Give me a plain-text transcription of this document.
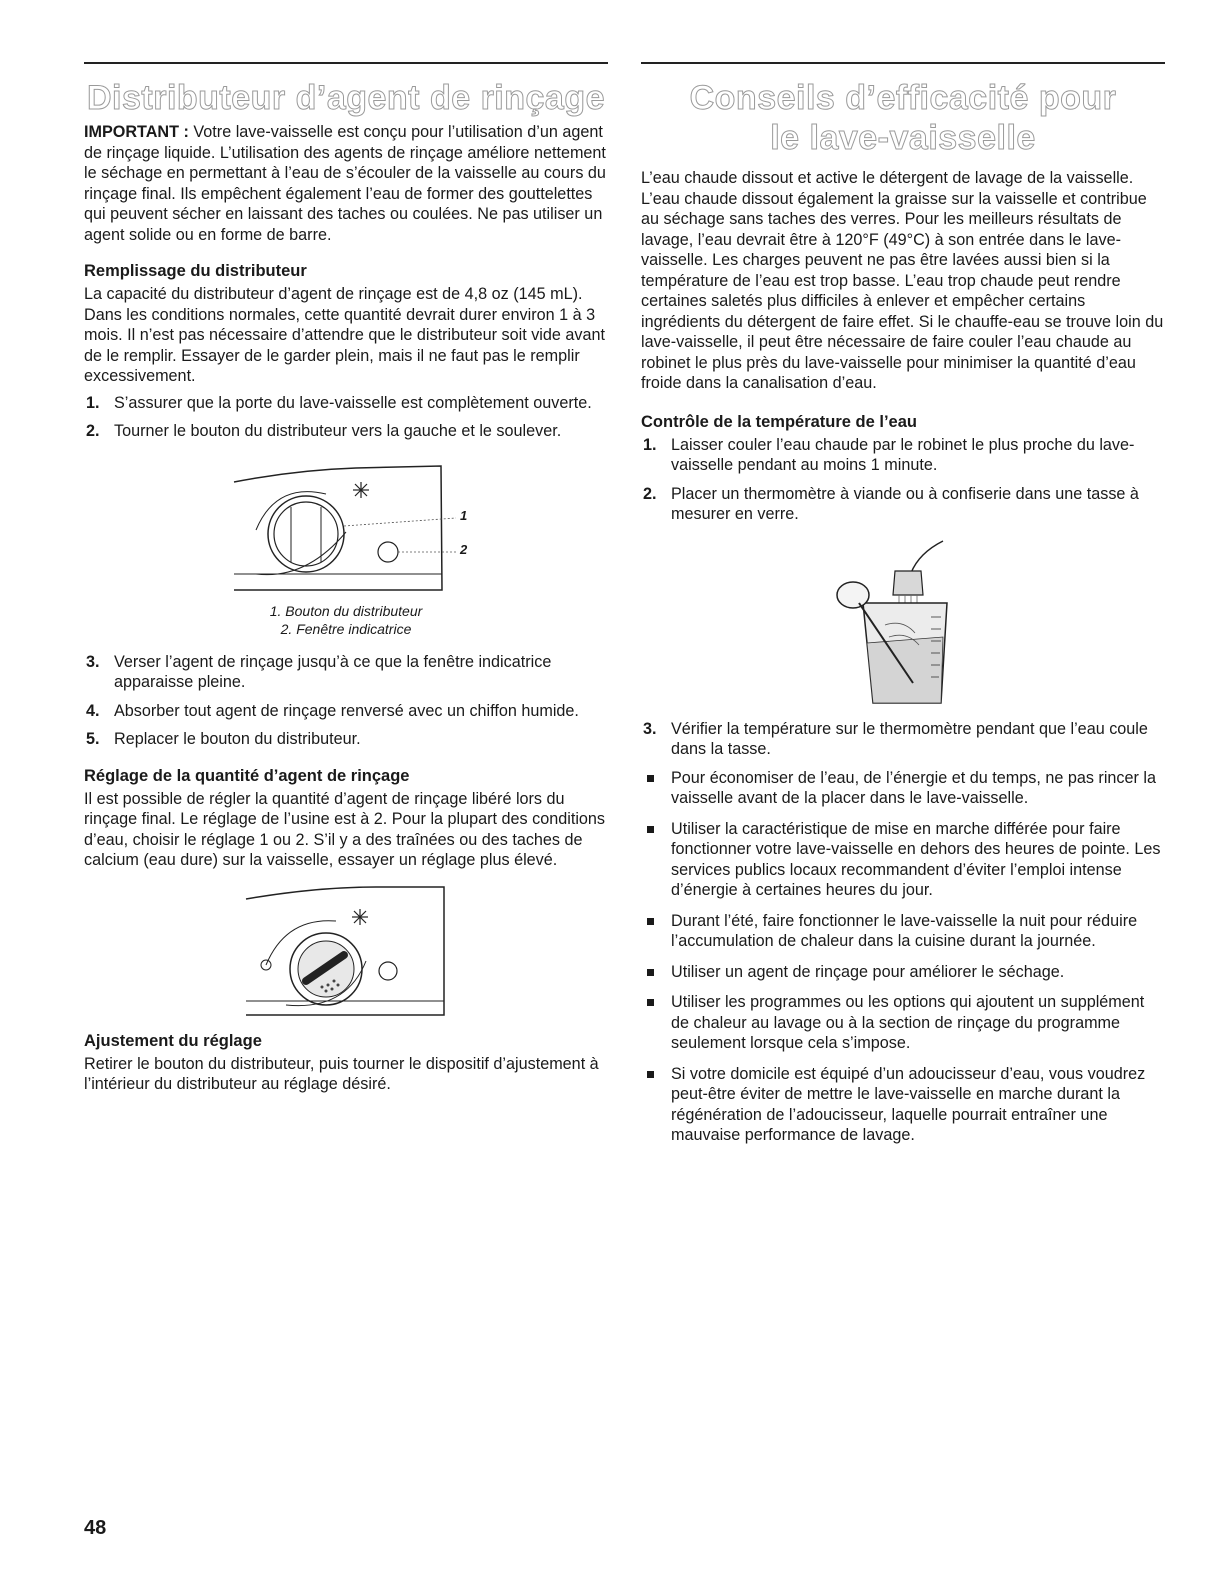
Distributeur d’agent de rinçage

IMPORTANT : Votre lave-vaisselle est conçu pour l’utilisation d’un agent de rinçage liquide. L’utilisation des agents de rinçage améliore nettement le séchage en permettant à l’eau de s’écouler de la vaisselle au cours du rinçage final. Ils empêchent également l’eau de former des gouttelettes qui peuvent sécher en laissant des taches ou coulées. Ne pas utiliser un agent solide ou en forme de barre.

Remplissage du distributeur

La capacité du distributeur d’agent de rinçage est de 4,8 oz (145 mL). Dans les conditions normales, cette quantité devrait durer environ 1 à 3 mois. Il n’est pas nécessaire d’attendre que le distributeur soit vide avant de le remplir. Essayer de le garder plein, mais il ne faut pas le remplir excessivement.

1. S’assurer que la porte du lave-vaisselle est complètement ouverte.
2. Tourner le bouton du distributeur vers la gauche et le soulever.
1
2
1. Bouton du distributeur
2. Fenêtre indicatrice
3. Verser l’agent de rinçage jusqu’à ce que la fenêtre indicatrice apparaisse pleine.
4. Absorber tout agent de rinçage renversé avec un chiffon humide.
5. Replacer le bouton du distributeur.
Réglage de la quantité d’agent de rinçage

Il est possible de régler la quantité d’agent de rinçage libéré lors du rinçage final. Le réglage de l’usine est à 2. Pour la plupart des conditions d’eau, choisir le réglage 1 ou 2. S’il y a des traînées ou des taches de calcium (eau dure) sur la vaisselle, essayer un réglage plus élevé.

Ajustement du réglage

Retirer le bouton du distributeur, puis tourner le dispositif d’ajustement à l’intérieur du distributeur au réglage désiré.

Conseils d’efficacité pour
le lave-vaisselle

L’eau chaude dissout et active le détergent de lavage de la vaisselle. L’eau chaude dissout également la graisse sur la vaisselle et contribue au séchage sans taches des verres. Pour les meilleurs résultats de lavage, l’eau devrait être à 120°F (49°C) à son entrée dans le lave-vaisselle. Les charges peuvent ne pas être lavées aussi bien si la température de l’eau est trop basse. L’eau trop chaude peut rendre certaines saletés plus difficiles à enlever et empêcher certains ingrédients du détergent de faire effet. Si le chauffe-eau se trouve loin du lave-vaisselle, il peut être nécessaire de faire couler l’eau chaude au robinet le plus près du lave-vaisselle pour minimiser la quantité d’eau froide dans la canalisation d’eau.

Contrôle de la température de l’eau
1. Laisser couler l’eau chaude par le robinet le plus proche du lave-vaisselle pendant au moins 1 minute.
2. Placer un thermomètre à viande ou à confiserie dans une tasse à mesurer en verre.
3. Vérifier la température sur le thermomètre pendant que l’eau coule dans la tasse.
Pour économiser de l’eau, de l’énergie et du temps, ne pas rincer la vaisselle avant de la placer dans le lave-vaisselle.
Utiliser la caractéristique de mise en marche différée pour faire fonctionner votre lave-vaisselle en dehors des heures de pointe. Les services publics locaux recommandent d’éviter l’emploi intense d’énergie à certaines heures du jour.
Durant l’été, faire fonctionner le lave-vaisselle la nuit pour réduire l’accumulation de chaleur dans la cuisine durant la journée.
Utiliser un agent de rinçage pour améliorer le séchage.
Utiliser les programmes ou les options qui ajoutent un supplément de chaleur au lavage ou à la section de rinçage du programme seulement lorsque cela s’impose.
Si votre domicile est équipé d’un adoucisseur d’eau, vous voudrez peut-être éviter de mettre le lave-vaisselle en marche durant la régénération de l’adoucisseur, laquelle pourrait entraîner une mauvaise performance de lavage.
48
